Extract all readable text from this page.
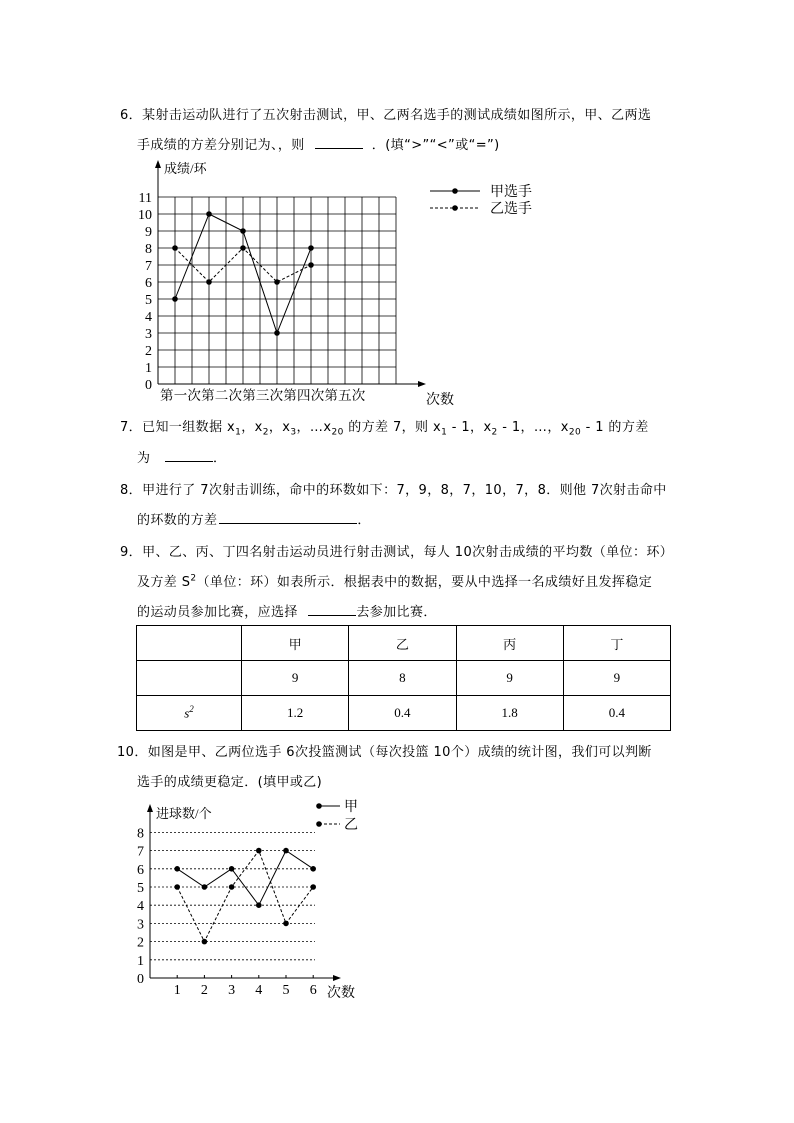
6．某射击运动队进行了五次射击测试，甲、乙两名选手的测试成绩如图所示，甲、乙两选
手成绩的方差分别记为、，则	．(填“>”“<”或“=”)
0
1
2
3
4
5
6
7
8
9
10
11
成绩/环
第一次第二次第三次第四次第五次	次数
甲选手
乙选手
7．已知一组数据 $x_1$，$x_2$，$x_3$，$\dots x_{20}$ 的方差 7，则 $x_1 - 1$，$x_2 - 1$，…，$x_{20} - 1$ 的方差
为	．
8．甲进行了 7次射击训练，命中的环数如下：7，9，8，7，10，7，8．则他 7次射击命中
的环数的方差	．
9．甲、乙、丙、丁四名射击运动员进行射击测试，每人 10次射击成绩的平均数（单位：环）
及方差 $S^2$（单位：环）如表所示．根据表中的数据，要从中选择一名成绩好且发挥稳定
的运动员参加比赛，应选择	去参加比赛．
	甲	乙	丙	丁
	9	8	9	9
$s^2$	1.2	0.4	1.8	0.4
10．如图是甲、乙两位选手 6次投篮测试（每次投篮 10个）成绩的统计图，我们可以判断
选手的成绩更稳定．(填甲或乙)
0
1
2
3
4
5
6
7
8
1 2 3 4 5 6
进球数/个
次数
甲
乙
